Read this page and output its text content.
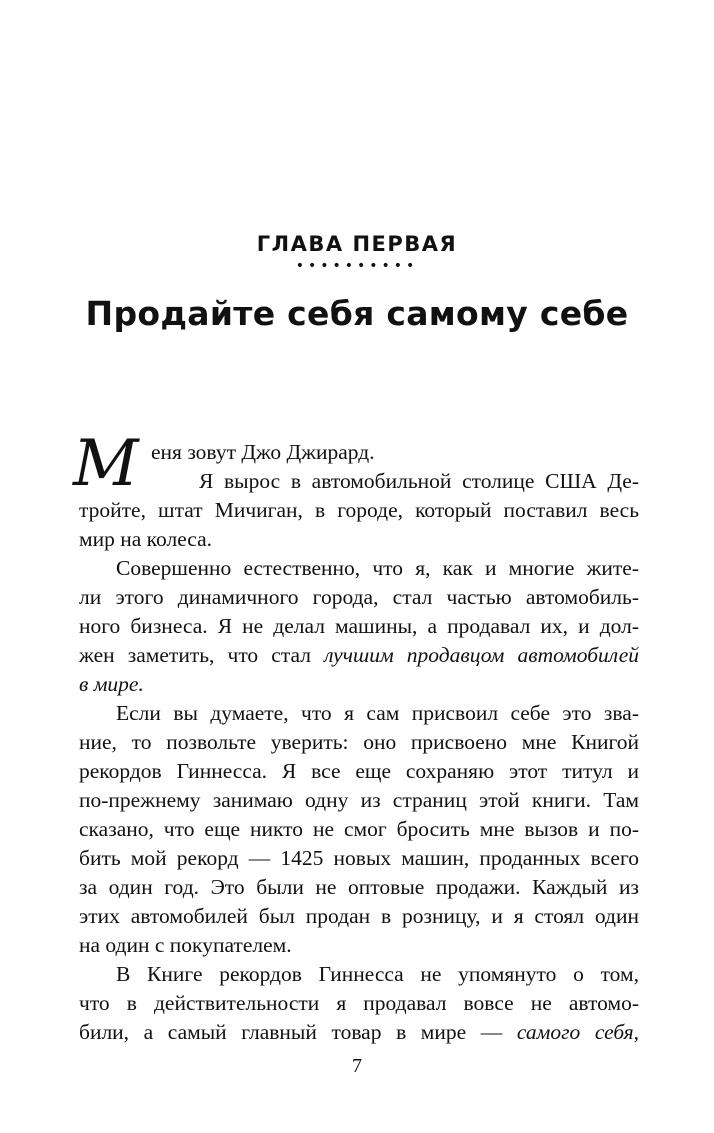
ГЛАВА ПЕРВАЯ
••••••••••
Продайте себя самому себе
M еня зовут Джо Джирард.
Я вырос в автомобильной столице США Де-
тройте, штат Мичиган, в городе, который поставил весь
мир на колеса.
Совершенно естественно, что я, как и многие жите-
ли этого динамичного города, стал частью автомобиль-
ного бизнеса. Я не делал машины, а продавал их, и дол-
жен заметить, что стал лучшим продавцом автомобилей
в мире.
Если вы думаете, что я сам присвоил себе это зва-
ние, то позвольте уверить: оно присвоено мне Книгой
рекордов Гиннесса. Я все еще сохраняю этот титул и
по-прежнему занимаю одну из страниц этой книги. Там
сказано, что еще никто не смог бросить мне вызов и по-
бить мой рекорд — 1425 новых машин, проданных всего
за один год. Это были не оптовые продажи. Каждый из
этих автомобилей был продан в розницу, и я стоял один
на один с покупателем.
В Книге рекордов Гиннесса не упомянуто о том,
что в действительности я продавал вовсе не автомо-
били, а самый главный товар в мире — самого себя,
7
